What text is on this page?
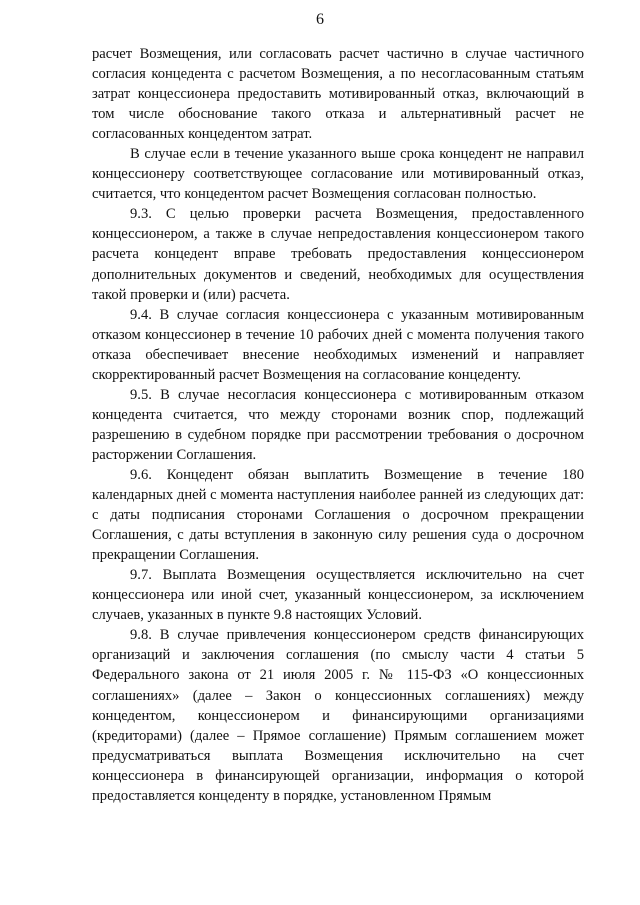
6

расчет Возмещения, или согласовать расчет частично в случае частичного согласия концедента с расчетом Возмещения, а по несогласованным статьям затрат концессионера предоставить мотивированный отказ, включающий в том числе обоснование такого отказа и альтернативный расчет не согласованных концедентом затрат.

В случае если в течение указанного выше срока концедент не направил концессионеру соответствующее согласование или мотивированный отказ, считается, что концедентом расчет Возмещения согласован полностью.

9.3. С целью проверки расчета Возмещения, предоставленного концессионером, а также в случае непредоставления концессионером такого расчета концедент вправе требовать предоставления концессионером дополнительных документов и сведений, необходимых для осуществления такой проверки и (или) расчета.

9.4. В случае согласия концессионера с указанным мотивированным отказом концессионер в течение 10 рабочих дней с момента получения такого отказа обеспечивает внесение необходимых изменений и направляет скорректированный расчет Возмещения на согласование концеденту.

9.5. В случае несогласия концессионера с мотивированным отказом концедента считается, что между сторонами возник спор, подлежащий разрешению в судебном порядке при рассмотрении требования о досрочном расторжении Соглашения.

9.6. Концедент обязан выплатить Возмещение в течение 180 календарных дней с момента наступления наиболее ранней из следующих дат: с даты подписания сторонами Соглашения о досрочном прекращении Соглашения, с даты вступления в законную силу решения суда о досрочном прекращении Соглашения.

9.7. Выплата Возмещения осуществляется исключительно на счет концессионера или иной счет, указанный концессионером, за исключением случаев, указанных в пункте 9.8 настоящих Условий.

9.8. В случае привлечения концессионером средств финансирующих организаций и заключения соглашения (по смыслу части 4 статьи 5 Федерального закона от 21 июля 2005 г. № 115-ФЗ «О концессионных соглашениях» (далее – Закон о концессионных соглашениях) между концедентом, концессионером и финансирующими организациями (кредиторами) (далее – Прямое соглашение) Прямым соглашением может предусматриваться выплата Возмещения исключительно на счет концессионера в финансирующей организации, информация о которой предоставляется концеденту в порядке, установленном Прямым
